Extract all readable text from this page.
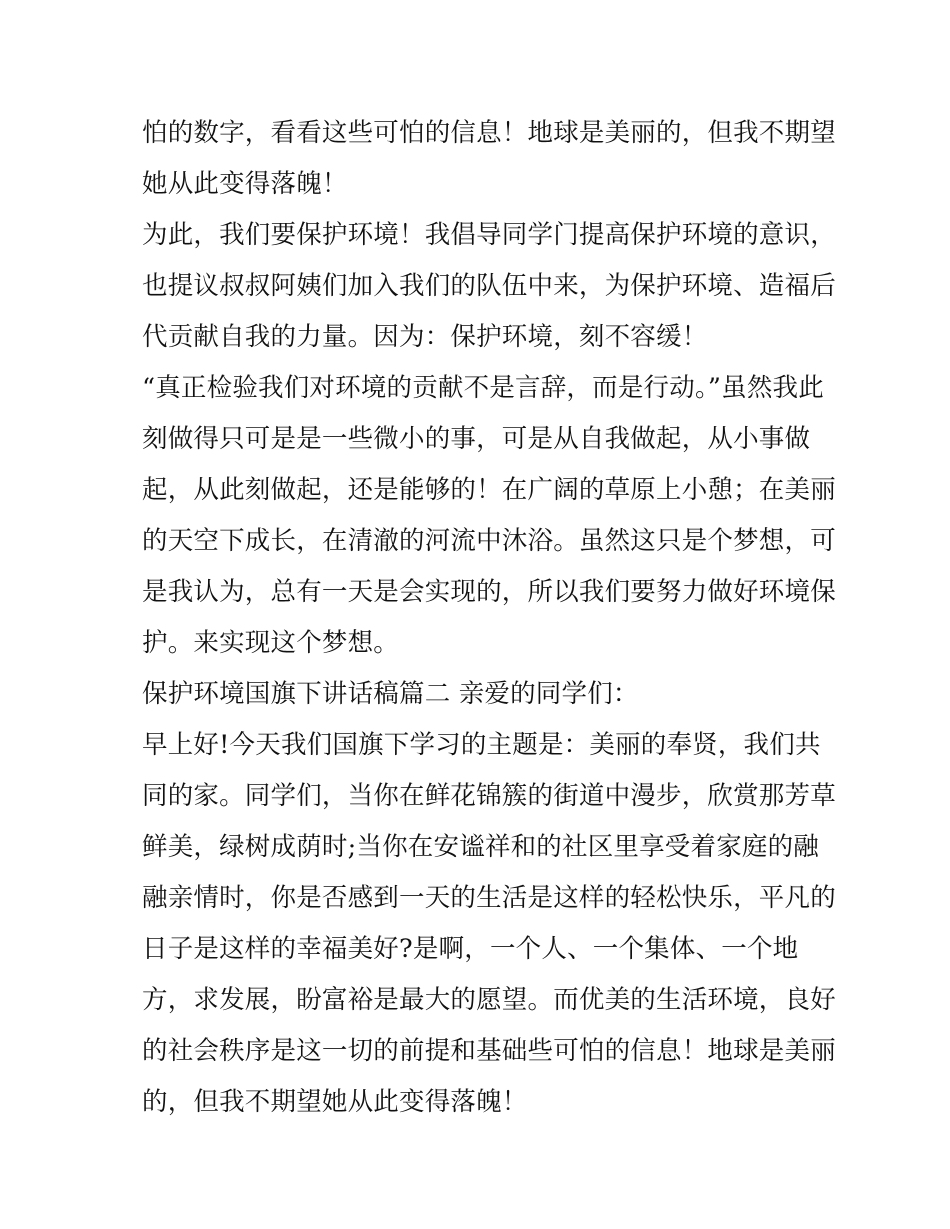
怕的数字，看看这些可怕的信息！地球是美丽的，但我不期望
她从此变得落魄！
为此，我们要保护环境！我倡导同学门提高保护环境的意识，
也提议叔叔阿姨们加入我们的队伍中来，为保护环境、造福后
代贡献自我的力量。因为：保护环境，刻不容缓！
“真正检验我们对环境的贡献不是言辞，而是行动。”虽然我此
刻做得只可是是一些微小的事，可是从自我做起，从小事做
起，从此刻做起，还是能够的！在广阔的草原上小憩；在美丽
的天空下成长，在清澈的河流中沐浴。虽然这只是个梦想，可
是我认为，总有一天是会实现的，所以我们要努力做好环境保
护。来实现这个梦想。
保护环境国旗下讲话稿篇二 亲爱的同学们：
早上好!今天我们国旗下学习的主题是：美丽的奉贤，我们共
同的家。同学们，当你在鲜花锦簇的街道中漫步，欣赏那芳草
鲜美，绿树成荫时;当你在安谧祥和的社区里享受着家庭的融
融亲情时，你是否感到一天的生活是这样的轻松快乐，平凡的
日子是这样的幸福美好?是啊，一个人、一个集体、一个地
方，求发展，盼富裕是最大的愿望。而优美的生活环境，良好
的社会秩序是这一切的前提和基础些可怕的信息！地球是美丽
的，但我不期望她从此变得落魄！
